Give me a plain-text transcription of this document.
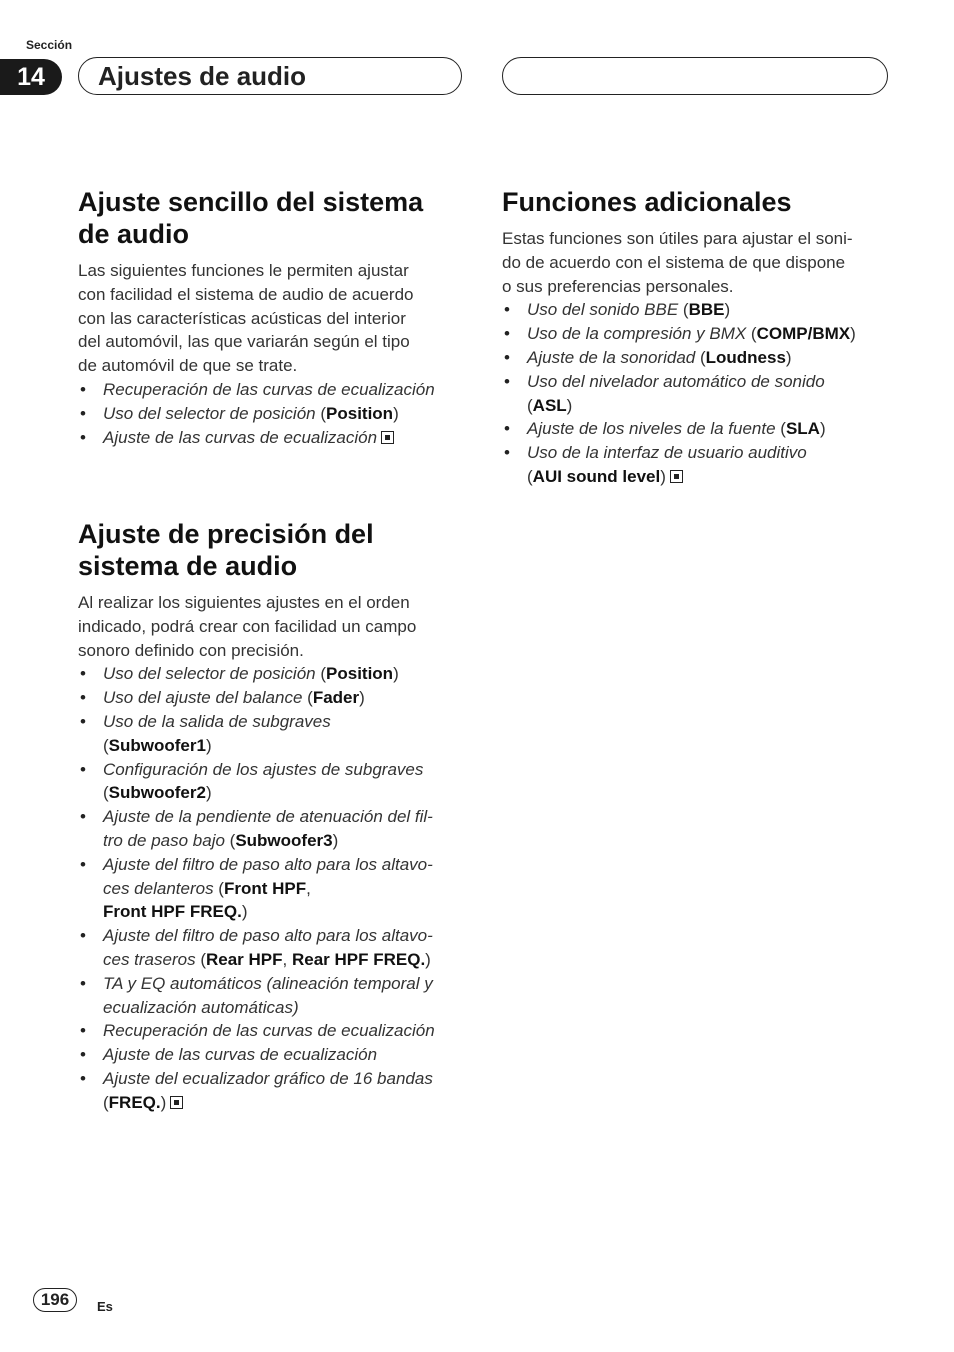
Sección
14	Ajustes de audio
Ajuste sencillo del sistema
de audio
Las siguientes funciones le permiten ajustar
con facilidad el sistema de audio de acuerdo
con las características acústicas del interior
del automóvil, las que variarán según el tipo
de automóvil de que se trate.
• Recuperación de las curvas de ecualización
• Uso del selector de posición (Position)
• Ajuste de las curvas de ecualización
Ajuste de precisión del
sistema de audio
Al realizar los siguientes ajustes en el orden
indicado, podrá crear con facilidad un campo
sonoro definido con precisión.
• Uso del selector de posición (Position)
• Uso del ajuste del balance (Fader)
• Uso de la salida de subgraves
(Subwoofer1)
• Configuración de los ajustes de subgraves
(Subwoofer2)
• Ajuste de la pendiente de atenuación del fil-
tro de paso bajo (Subwoofer3)
• Ajuste del filtro de paso alto para los altavo-
ces delanteros (Front HPF,
Front HPF FREQ.)
• Ajuste del filtro de paso alto para los altavo-
ces traseros (Rear HPF, Rear HPF FREQ.)
• TA y EQ automáticos (alineación temporal y
ecualización automáticas)
• Recuperación de las curvas de ecualización
• Ajuste de las curvas de ecualización
• Ajuste del ecualizador gráfico de 16 bandas
(FREQ.)
Funciones adicionales
Estas funciones son útiles para ajustar el soni-
do de acuerdo con el sistema de que dispone
o sus preferencias personales.
• Uso del sonido BBE (BBE)
• Uso de la compresión y BMX (COMP/BMX)
• Ajuste de la sonoridad (Loudness)
• Uso del nivelador automático de sonido
(ASL)
• Ajuste de los niveles de la fuente (SLA)
• Uso de la interfaz de usuario auditivo
(AUI sound level)
196	Es
